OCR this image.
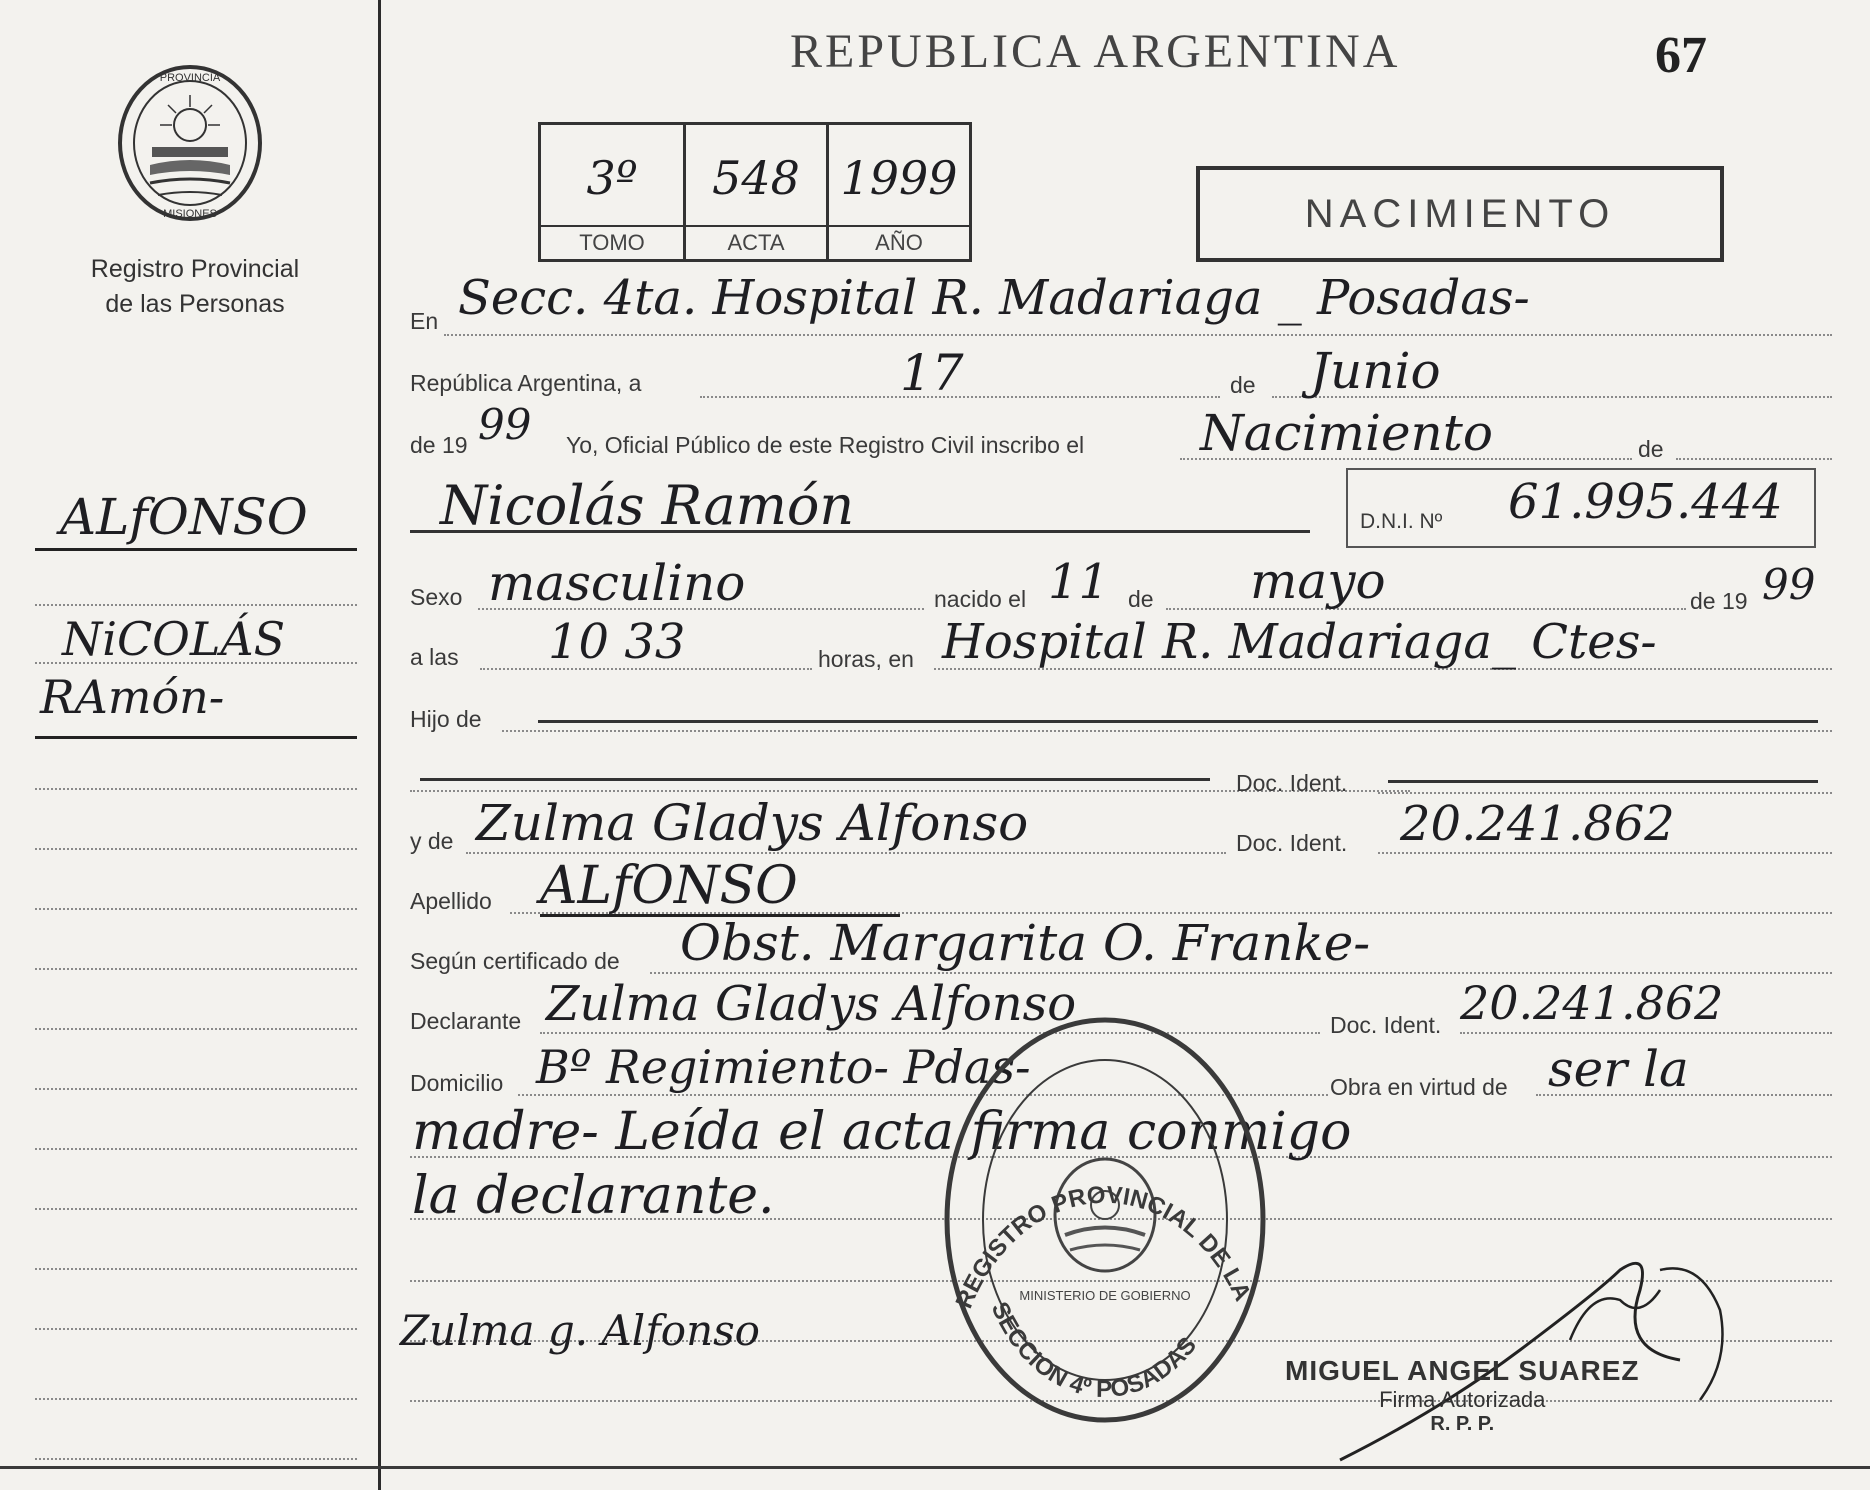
PROVINCIA
MISIONES
Registro Provincial
de las Personas
ALfONSO
NiCOLÁS
RAmón-
REPUBLICA ARGENTINA	67
3º
TOMO
548
ACTA
1999
AÑO
NACIMIENTO
En Secc. 4ta. Hospital R. Madariaga _ Posadas-
República Argentina, a	17	de Junio
de 19 99 Yo, Oficial Público de este Registro Civil inscribo el Nacimiento	de
Nicolás Ramón	D.N.I. Nº 61.995.444
Sexo masculino	nacido el 11 de mayo	de 19 99
a las 10 33	horas, en Hospital R. Madariaga_ Ctes-
Hijo de
Doc. Ident.
y de Zulma Gladys Alfonso	Doc. Ident. 20.241.862
Apellido ALfONSO
Según certificado de Obst. Margarita O. Franke-
Declarante Zulma Gladys Alfonso	Doc. Ident. 20.241.862
Domicilio Bº Regimiento- Pdas-	Obra en virtud de ser la
madre- Leída el acta firma conmigo
la declarante.
Zulma g. Alfonso
REGISTRO PROVINCIAL DE LA
SECCION 4º POSADAS
MINISTERIO DE GOBIERNO
MIGUEL ANGEL SUAREZ
Firma Autorizada
R. P. P.
